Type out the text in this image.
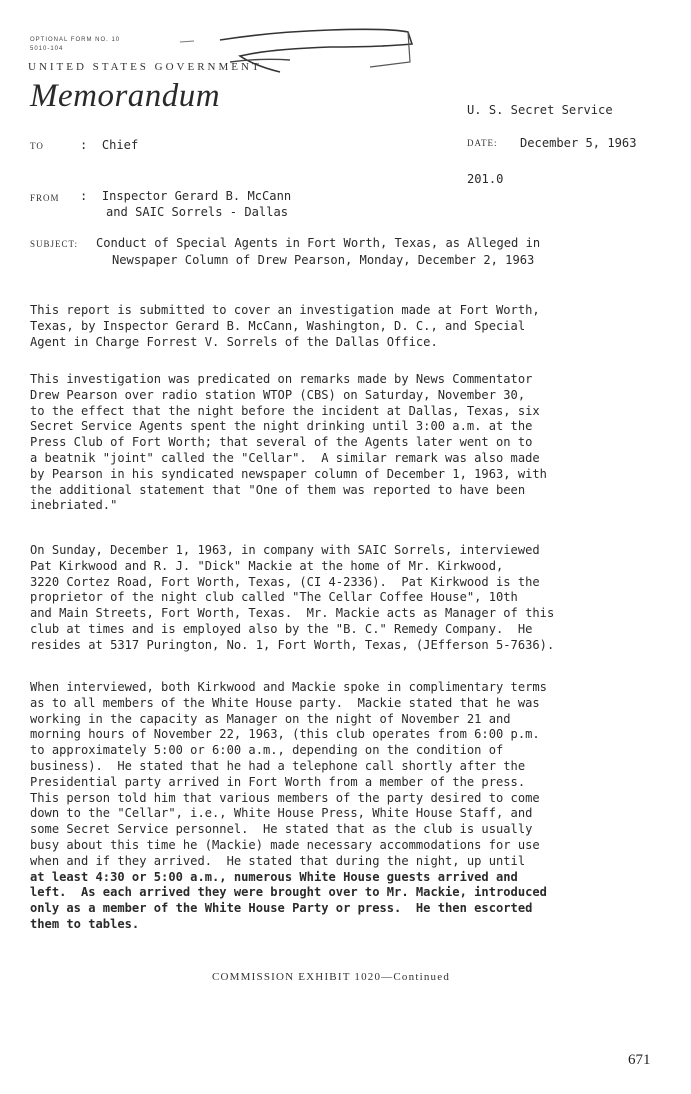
OPTIONAL FORM NO. 10
5010-104
UNITED STATES GOVERNMENT
Memorandum	U. S. Secret Service
TO	:  Chief	DATE: December 5, 1963
201.0
FROM :  Inspector Gerard B. McCann
and SAIC Sorrels - Dallas
SUBJECT: Conduct of Special Agents in Fort Worth, Texas, as Alleged in
Newspaper Column of Drew Pearson, Monday, December 2, 1963
This report is submitted to cover an investigation made at Fort Worth,
Texas, by Inspector Gerard B. McCann, Washington, D. C., and Special
Agent in Charge Forrest V. Sorrels of the Dallas Office.
This investigation was predicated on remarks made by News Commentator
Drew Pearson over radio station WTOP (CBS) on Saturday, November 30,
to the effect that the night before the incident at Dallas, Texas, six
Secret Service Agents spent the night drinking until 3:00 a.m. at the
Press Club of Fort Worth; that several of the Agents later went on to
a beatnik "joint" called the "Cellar".  A similar remark was also made
by Pearson in his syndicated newspaper column of December 1, 1963, with
the additional statement that "One of them was reported to have been
inebriated."
On Sunday, December 1, 1963, in company with SAIC Sorrels, interviewed
Pat Kirkwood and R. J. "Dick" Mackie at the home of Mr. Kirkwood,
3220 Cortez Road, Fort Worth, Texas, (CI 4-2336).  Pat Kirkwood is the
proprietor of the night club called "The Cellar Coffee House", 10th
and Main Streets, Fort Worth, Texas.  Mr. Mackie acts as Manager of this
club at times and is employed also by the "B. C." Remedy Company.  He
resides at 5317 Purington, No. 1, Fort Worth, Texas, (JEfferson 5-7636).
When interviewed, both Kirkwood and Mackie spoke in complimentary terms
as to all members of the White House party.  Mackie stated that he was
working in the capacity as Manager on the night of November 21 and
morning hours of November 22, 1963, (this club operates from 6:00 p.m.
to approximately 5:00 or 6:00 a.m., depending on the condition of
business).  He stated that he had a telephone call shortly after the
Presidential party arrived in Fort Worth from a member of the press.
This person told him that various members of the party desired to come
down to the "Cellar", i.e., White House Press, White House Staff, and
some Secret Service personnel.  He stated that as the club is usually
busy about this time he (Mackie) made necessary accommodations for use
when and if they arrived.  He stated that during the night, up until
at least 4:30 or 5:00 a.m., numerous White House guests arrived and
left.  As each arrived they were brought over to Mr. Mackie, introduced
only as a member of the White House Party or press.  He then escorted
them to tables.
COMMISSION EXHIBIT 1020—Continued
671
